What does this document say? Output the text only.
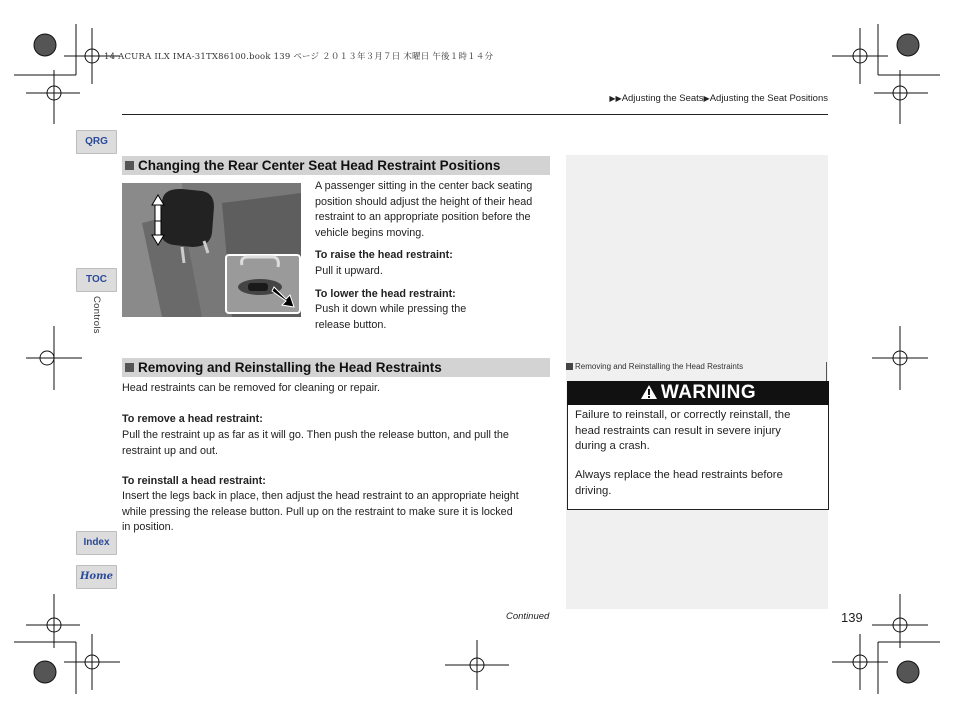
14 ACURA ILX IMA-31TX86100.book 139 ページ ２０１３年３月７日 木曜日 午後１時１４分
▶▶Adjusting the Seats▶Adjusting the Seat Positions
QRG
TOC
Controls
Index
Home
Changing the Rear Center Seat Head Restraint Positions
A passenger sitting in the center back seating
position should adjust the height of their head
restraint to an appropriate position before the
vehicle begins moving.
To raise the head restraint:
Pull it upward.
To lower the head restraint:
Push it down while pressing the
release button.
Removing and Reinstalling the Head Restraints
Head restraints can be removed for cleaning or repair.
To remove a head restraint:
Pull the restraint up as far as it will go. Then push the release button, and pull the
restraint up and out.
To reinstall a head restraint:
Insert the legs back in place, then adjust the head restraint to an appropriate height
while pressing the release button. Pull up on the restraint to make sure it is locked
in position.
Removing and Reinstalling the Head Restraints
WARNING
Failure to reinstall, or correctly reinstall, the
head restraints can result in severe injury
during a crash.
Always replace the head restraints before
driving.
Continued	139
